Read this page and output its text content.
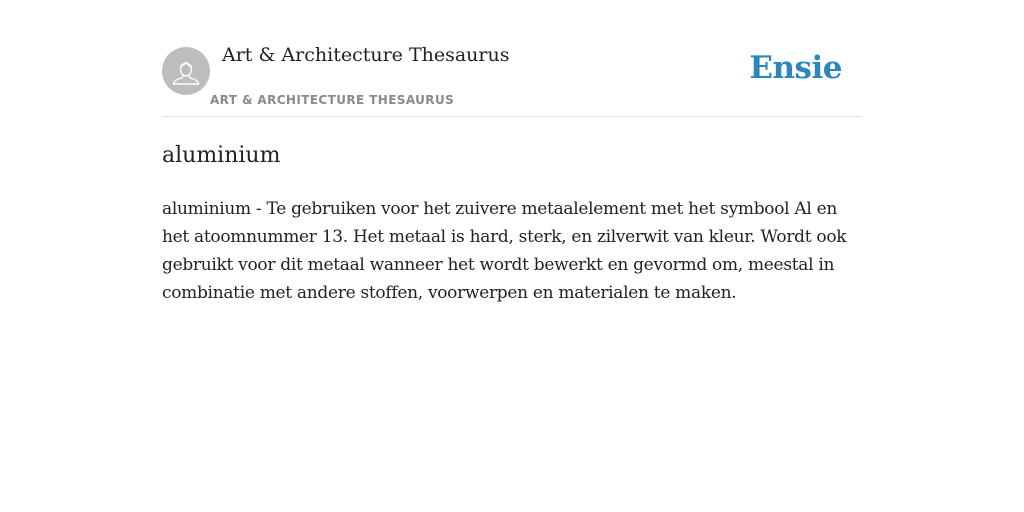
Art & Architecture Thesaurus
ART & ARCHITECTURE THESAURUS
Ensie
aluminium

aluminium - Te gebruiken voor het zuivere metaalelement met het symbool Al en het atoomnummer 13. Het metaal is hard, sterk, en zilverwit van kleur. Wordt ook gebruikt voor dit metaal wanneer het wordt bewerkt en gevormd om, meestal in combinatie met andere stoffen, voorwerpen en materialen te maken.
